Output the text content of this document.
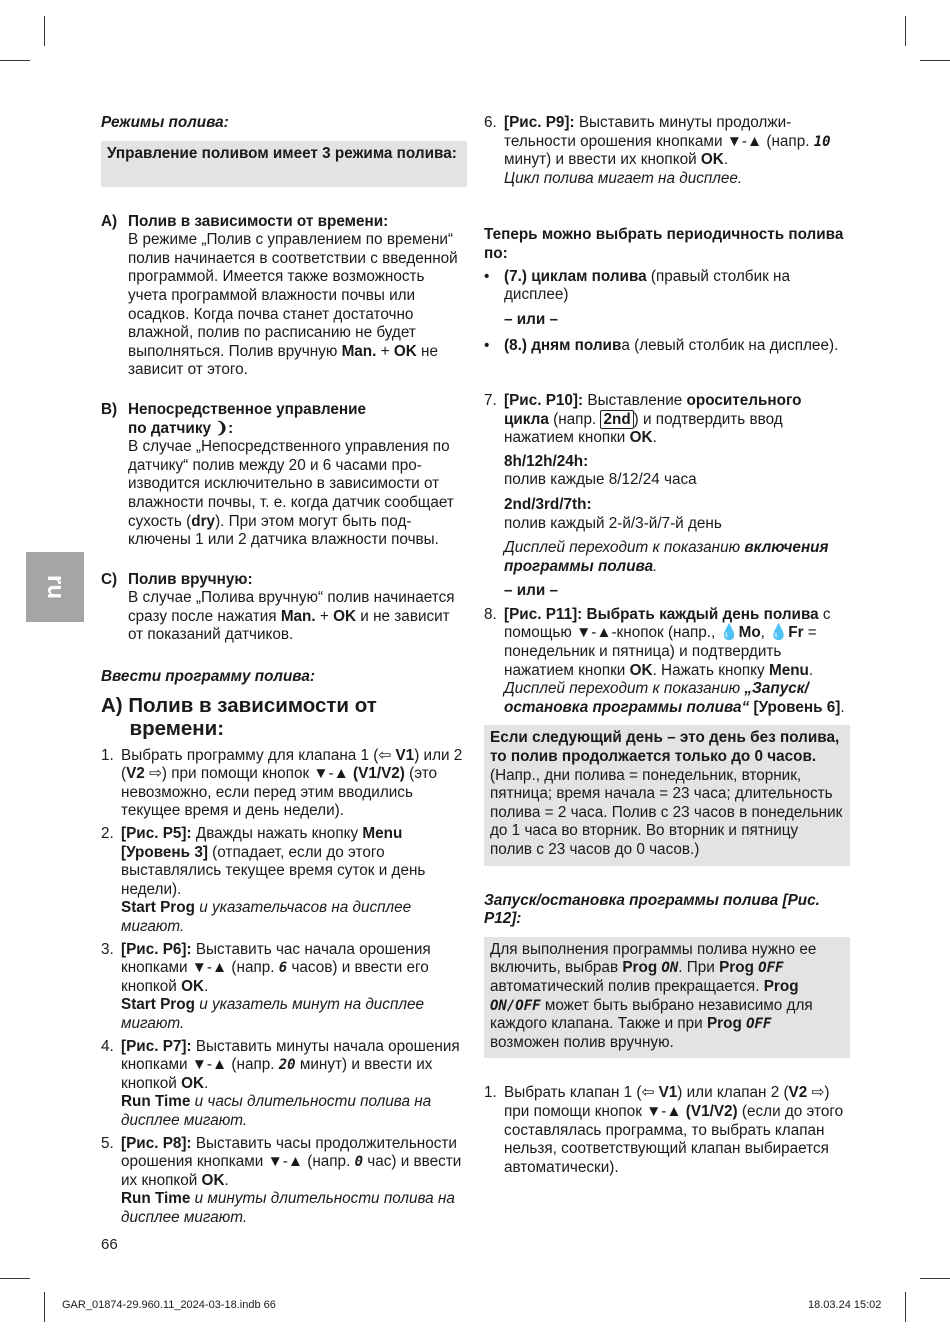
ru
Режимы полива:
Управление поливом имеет 3 режима полива:
A) Полив в зависимости от времени:
В режиме „Полив с управлением по времени“ полив начинается в соответствии с введенной программой. Имеется также возможность учета программой влажности почвы или осадков. Когда почва станет достаточно влажной, полив по расписанию не будет выполняться. Полив вручную Man. + OK не зависит от этого.
B) Непосредственное управление
по датчику ❩:
В случае „Непосредственного управления по датчику“ полив между 20 и 6 часами производится исключительно в зависимости от влажности почвы, т. е. когда датчик сообщает сухость (dry). При этом могут быть подключены 1 или 2 датчика влажности почвы.
C) Полив вручную:
В случае „Полива вручную“ полив начинается сразу после нажатия Man. + OK и не зависит от показаний датчиков.
Ввести программу полива:
A) Полив в зависимости от
времени:
1. Выбрать программу для клапана 1 (⇦ V1) или 2 (V2 ⇨) при помощи кнопок ▼-▲ (V1/V2) (это невозможно, если перед этим вводились текущее время и день недели).
2. [Рис. P5]: Дважды нажать кнопку Menu [Уровень 3] (отпадает, если до этого выставлялись текущее время суток и день недели).
Start Prog и указательчасов на дисплее мигают.
3. [Рис. P6]: Выставить час начала орошения кнопками ▼-▲ (напр. 6 часов) и ввести его кнопкой OK.
Start Prog и указатель минут на дисплее мигают.
4. [Рис. P7]: Выставить минуты начала орошения кнопками ▼-▲ (напр. 20 минут) и ввести их кнопкой OK.
Run Time и часы длительности полива на дисплее мигают.
5. [Рис. P8]: Выставить часы продолжительности орошения кнопками ▼-▲ (напр. 0 час) и ввести их кнопкой OK.
Run Time и минуты длительности полива на дисплее мигают.
6. [Рис. P9]: Выставить минуты продолжительности орошения кнопками ▼-▲ (напр. 10 минут) и ввести их кнопкой OK.
Цикл полива мигает на дисплее.
Теперь можно выбрать периодичность полива по:
• (7.) циклам полива (правый столбик на дисплее)
– или –
• (8.) дням полива (левый столбик на дисплее).
7. [Рис. P10]: Выставление оросительного цикла (напр. 2nd ) и подтвердить ввод нажатием кнопки OK.
8h/12h/24h:
полив каждые 8/12/24 часа
2nd/3rd/7th:
полив каждый 2-й/3-й/7-й день
Дисплей переходит к показанию включения программы полива.
– или –
8. [Рис. P11]: Выбрать каждый день полива с помощью ▼-▲-кнопок (напр., 💧Mo, 💧Fr = понедельник и пятница) и подтвердить нажатием кнопки OK. Нажать кнопку Menu.
Дисплей переходит к показанию „Запуск/остановка программы полива“ [Уровень 6].
Если следующий день – это день без полива, то полив продолжается только до 0 часов.
(Напр., дни полива = понедельник, вторник, пятница; время начала = 23 часа; длительность полива = 2 часа. Полив с 23 часов в понедельник до 1 часа во вторник. Во вторник и пятницу полив с 23 часов до 0 часов.)
Запуск/остановка программы полива [Рис. P12]:
Для выполнения программы полива нужно ее включить, выбрав Prog ON. При Prog OFF автоматический полив прекращается. Prog ON/OFF может быть выбрано независимо для каждого клапана. Также и при Prog OFF возможен полив вручную.
1. Выбрать клапан 1 (⇦ V1) или клапан 2 (V2 ⇨) при помощи кнопок ▼-▲ (V1/V2) (если до этого составлялась программа, то выбрать клапан нельзя, соответствующий клапан выбирается автоматически).
66
GAR_01874-29.960.11_2024-03-18.indb 66	18.03.24 15:02
